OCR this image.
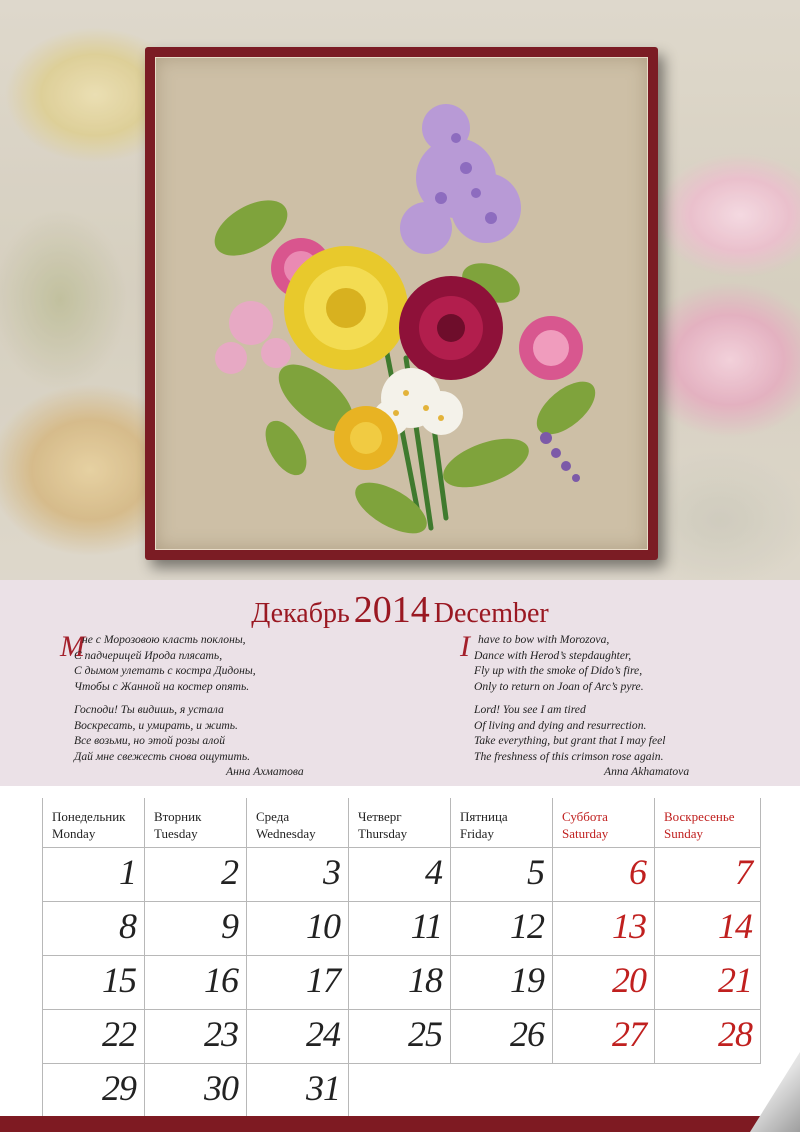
Декабрь 2014 December
М

не с Морозовою класть поклоны,
С падчерицей Ирода плясать,
С дымом улетать с костра Дидоны,
Чтобы с Жанной на костер опять.

Господи! Ты видишь, я устала
Воскресать, и умирать, и жить.
Все возьми, но этой розы алой
Дай мне свежесть снова ощутить.

Анна Ахматова
I have to bow with Morozova,
Dance with Herod’s stepdaughter,
Fly up with the smoke of Dido’s fire,
Only to return on Joan of Arc’s pyre.

Lord! You see I am tired
Of living and dying and resurrection.
Take everything, but grant that I may feel
The freshness of this crimson rose again.

Anna Akhamatova
Понедельник
Monday
Вторник
Tuesday
Среда
Wednesday
Четверг
Thursday
Пятница
Friday
Суббота
Saturday
Воскресенье
Sunday
1 2 3 4 5 6 7
8 9 10 11 12 13 14
15 16 17 18 19 20 21
22 23 24 25 26 27 28
29 30 31
